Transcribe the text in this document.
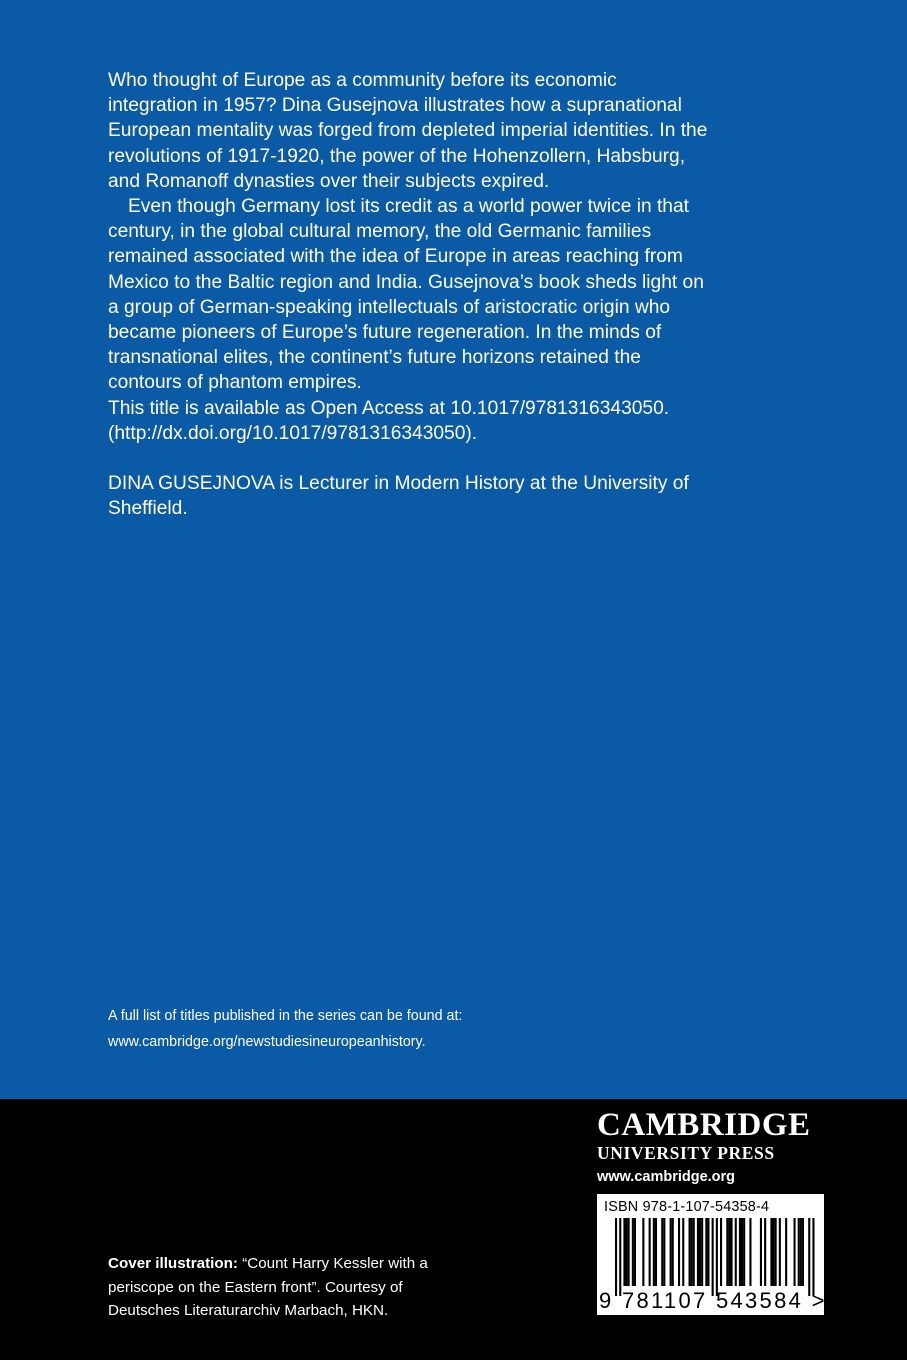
Who thought of Europe as a community before its economic integration in 1957? Dina Gusejnova illustrates how a supranational European mentality was forged from depleted imperial identities. In the revolutions of 1917-1920, the power of the Hohenzollern, Habsburg, and Romanoff dynasties over their subjects expired.

Even though Germany lost its credit as a world power twice in that century, in the global cultural memory, the old Germanic families remained associated with the idea of Europe in areas reaching from Mexico to the Baltic region and India. Gusejnova’s book sheds light on a group of German-speaking intellectuals of aristocratic origin who became pioneers of Europe’s future regeneration. In the minds of transnational elites, the continent’s future horizons retained the contours of phantom empires.

This title is available as Open Access at 10.1017/9781316343050. (http://dx.doi.org/10.1017/9781316343050).

DINA GUSEJNOVA is Lecturer in Modern History at the University of Sheffield.

A full list of titles published in the series can be found at:

www.cambridge.org/newstudiesineuropeanhistory.

Cover illustration: “Count Harry Kessler with a periscope on the Eastern front”. Courtesy of Deutsches Literaturarchiv Marbach, HKN.

CAMBRIDGE
UNIVERSITY PRESS
www.cambridge.org
ISBN 978-1-107-54358-4
9 781107 543584 >
